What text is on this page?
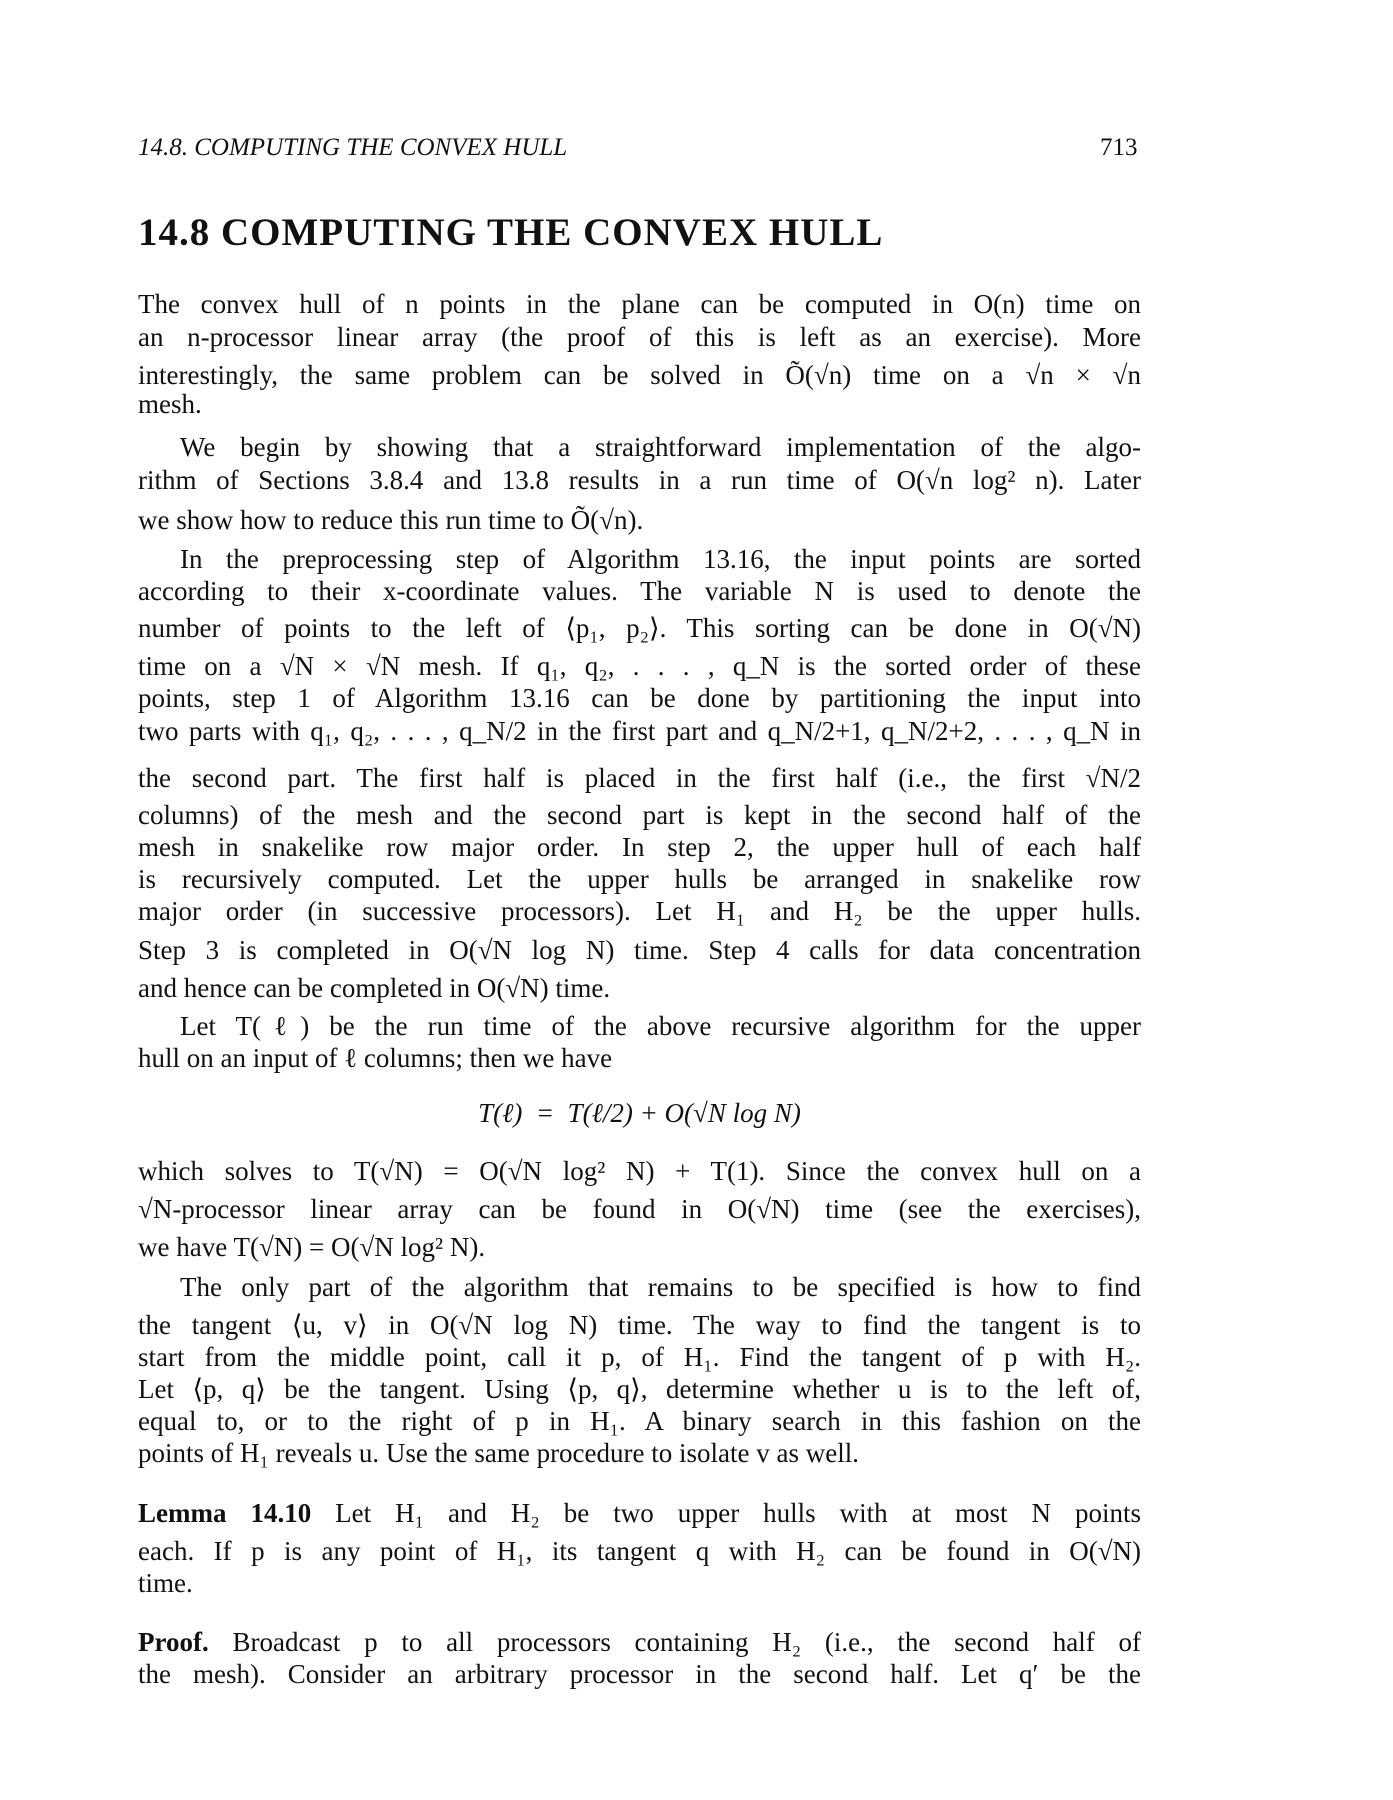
14.8. COMPUTING THE CONVEX HULL	713
14.8 COMPUTING THE CONVEX HULL
The convex hull of n points in the plane can be computed in O(n) time on
an n-processor linear array (the proof of this is left as an exercise). More
interestingly, the same problem can be solved in Õ(√n) time on a √n × √n
mesh.
We begin by showing that a straightforward implementation of the algo-
rithm of Sections 3.8.4 and 13.8 results in a run time of O(√n log² n). Later
we show how to reduce this run time to Õ(√n).
In the preprocessing step of Algorithm 13.16, the input points are sorted
according to their x-coordinate values. The variable N is used to denote the
number of points to the left of ⟨p₁, p₂⟩. This sorting can be done in O(√N)
time on a √N × √N mesh. If q₁, q₂, . . . , q_N is the sorted order of these
points, step 1 of Algorithm 13.16 can be done by partitioning the input into
two parts with q₁, q₂, . . . , q_N/2 in the first part and q_N/2+1, q_N/2+2, . . . , q_N in
the second part. The first half is placed in the first half (i.e., the first √N/2
columns) of the mesh and the second part is kept in the second half of the
mesh in snakelike row major order. In step 2, the upper hull of each half
is recursively computed. Let the upper hulls be arranged in snakelike row
major order (in successive processors). Let H₁ and H₂ be the upper hulls.
Step 3 is completed in O(√N log N) time. Step 4 calls for data concentration
and hence can be completed in O(√N) time.
Let T(ℓ) be the run time of the above recursive algorithm for the upper
hull on an input of ℓ columns; then we have
T(ℓ)  =  T(ℓ/2) + O(√N log N)
which solves to T(√N) = O(√N log² N) + T(1). Since the convex hull on a
√N-processor linear array can be found in O(√N) time (see the exercises),
we have T(√N) = O(√N log² N).
The only part of the algorithm that remains to be specified is how to find
the tangent ⟨u, v⟩ in O(√N log N) time. The way to find the tangent is to
start from the middle point, call it p, of H₁. Find the tangent of p with H₂.
Let ⟨p, q⟩ be the tangent. Using ⟨p, q⟩, determine whether u is to the left of,
equal to, or to the right of p in H₁. A binary search in this fashion on the
points of H₁ reveals u. Use the same procedure to isolate v as well.
Lemma 14.10 Let H₁ and H₂ be two upper hulls with at most N points
each. If p is any point of H₁, its tangent q with H₂ can be found in O(√N)
time.
Proof. Broadcast p to all processors containing H₂ (i.e., the second half of
the mesh). Consider an arbitrary processor in the second half. Let q′ be the
